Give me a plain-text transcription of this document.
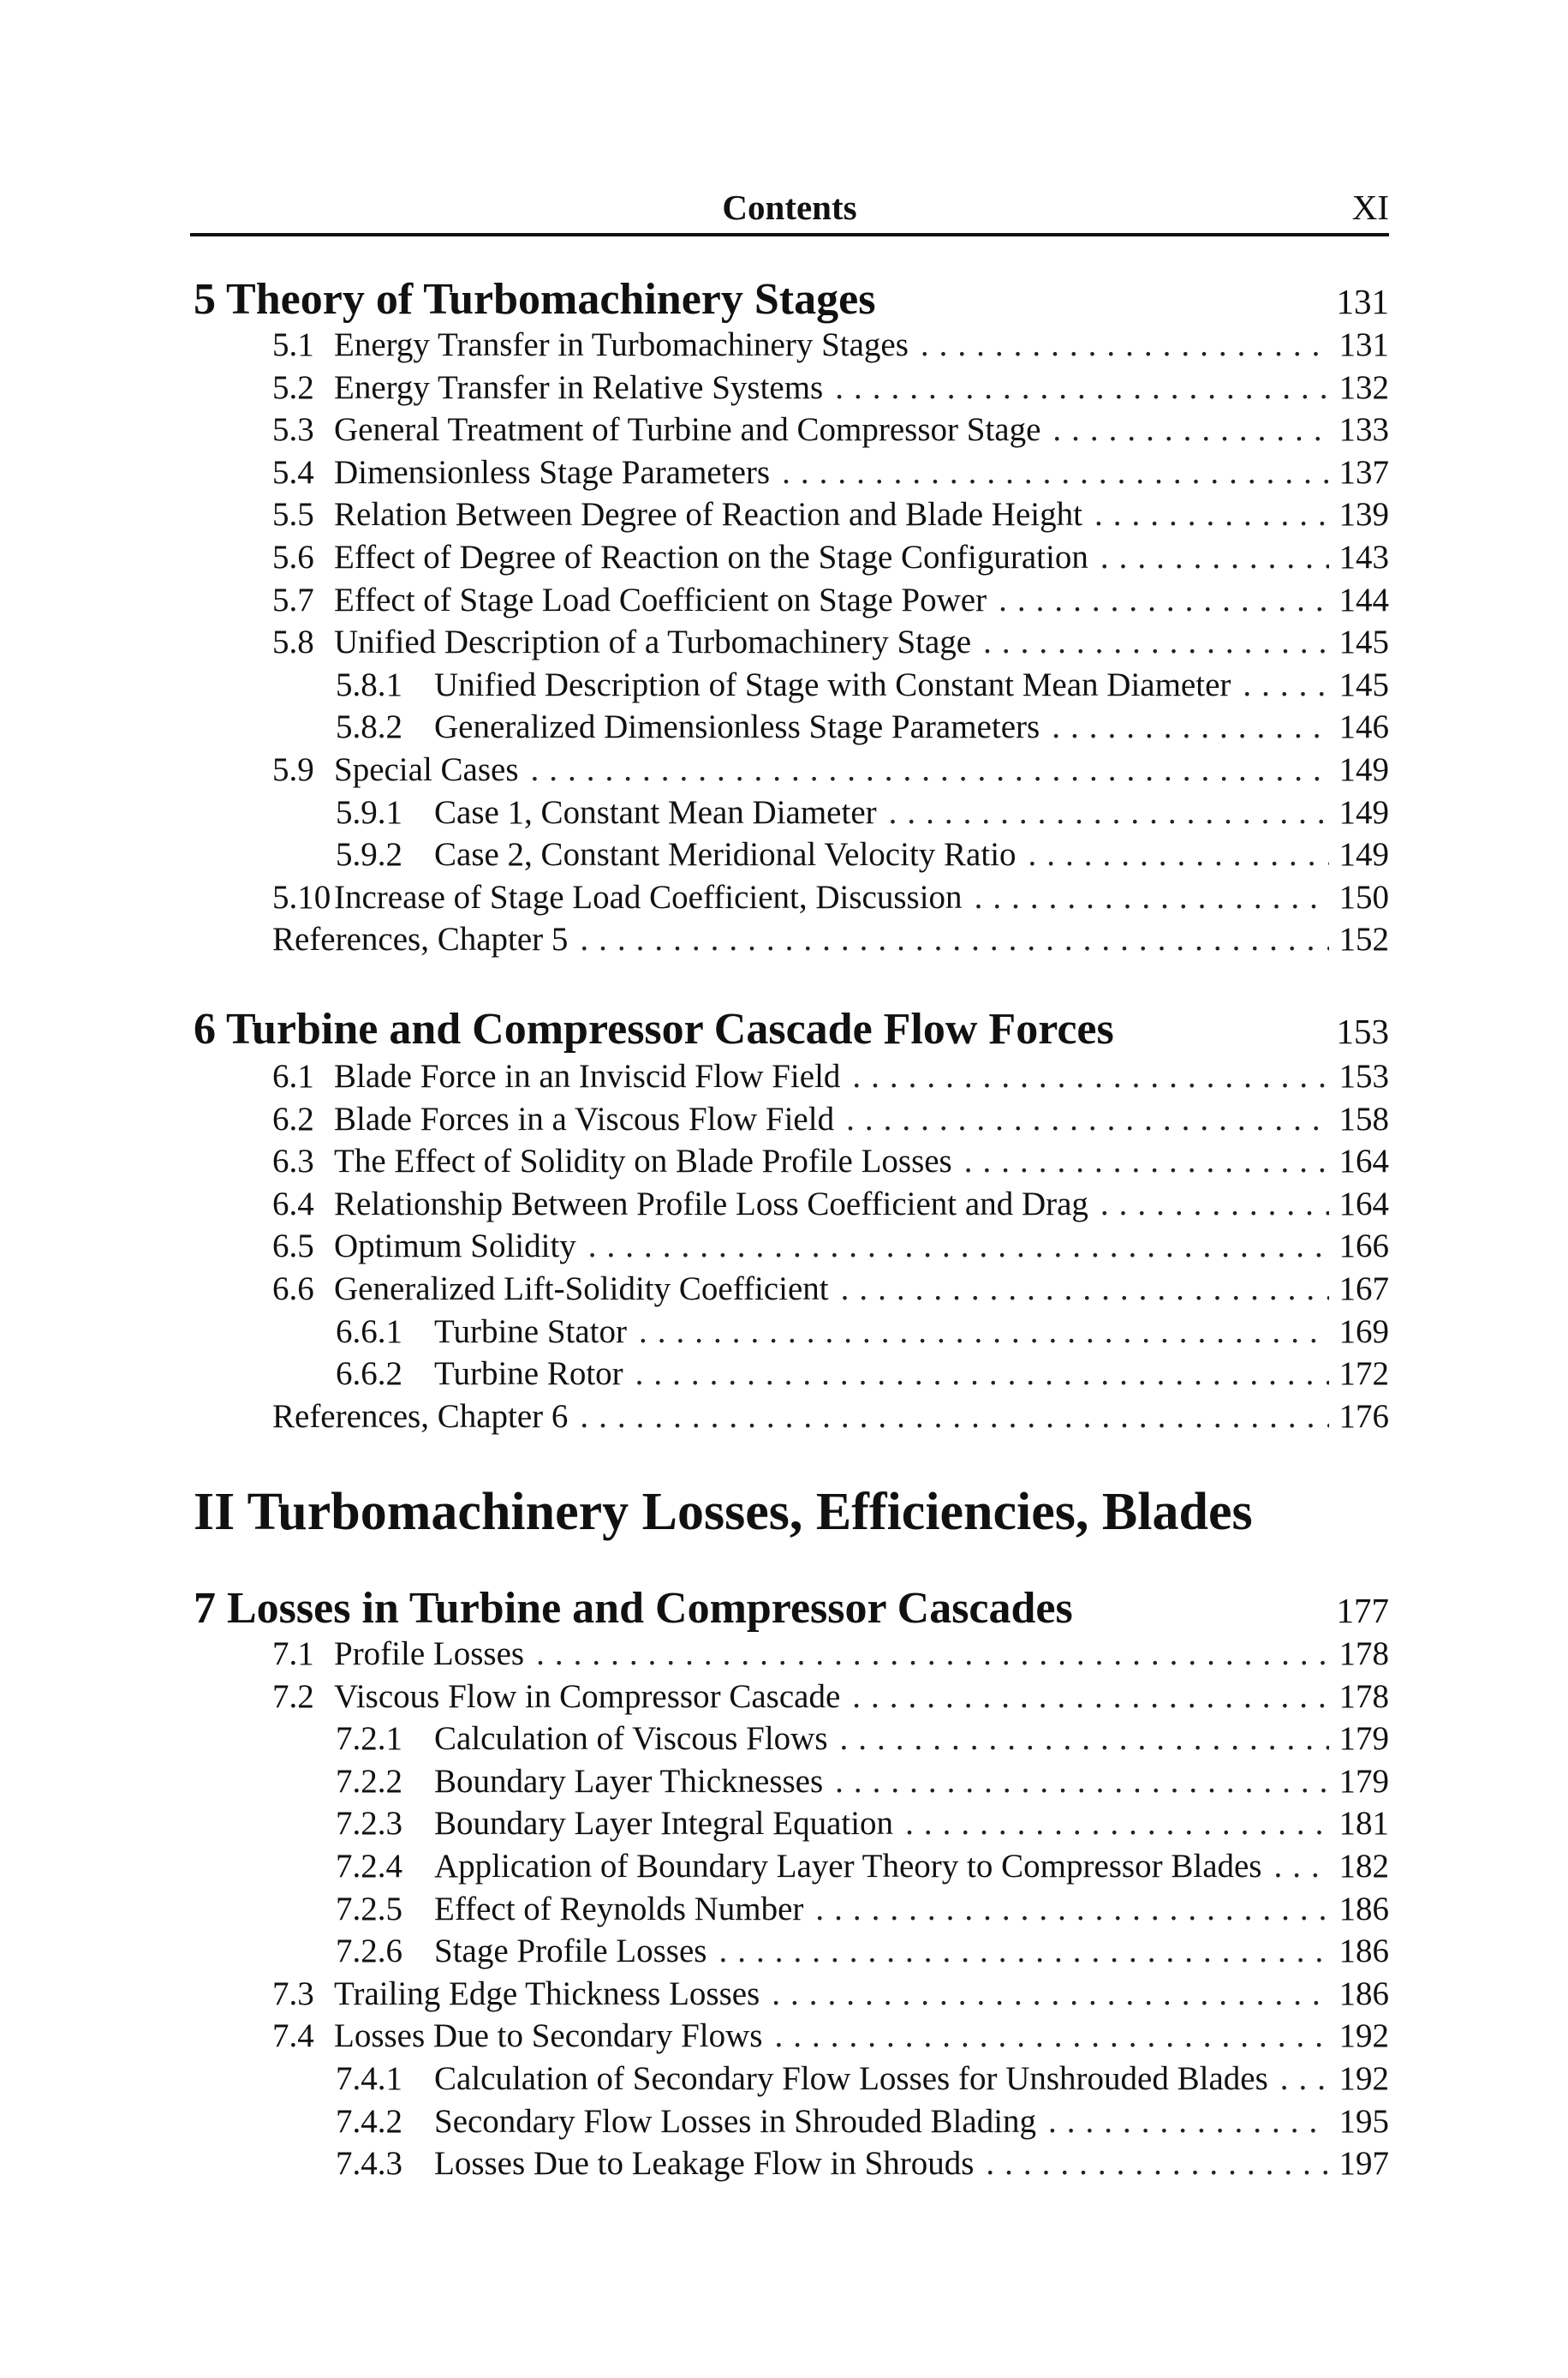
Contents	XI
5 Theory of Turbomachinery Stages	131
5.1 Energy Transfer in Turbomachinery Stages .....	131
5.2 Energy Transfer in Relative Systems .....	132
5.3 General Treatment of Turbine and Compressor Stage .....	133
5.4 Dimensionless Stage Parameters .....	137
5.5 Relation Between Degree of Reaction and Blade Height .....	139
5.6 Effect of Degree of Reaction on the Stage Configuration .....	143
5.7 Effect of Stage Load Coefficient on Stage Power .....	144
5.8 Unified Description of a Turbomachinery Stage .....	145
5.8.1 Unified Description of Stage with Constant Mean Diameter .....	145
5.8.2 Generalized Dimensionless Stage Parameters .....	146
5.9 Special Cases .....	149
5.9.1 Case 1, Constant Mean Diameter .....	149
5.9.2 Case 2, Constant Meridional Velocity Ratio .....	149
5.10 Increase of Stage Load Coefficient, Discussion .....	150
References, Chapter 5 .....	152
6 Turbine and Compressor Cascade Flow Forces	153
6.1 Blade Force in an Inviscid Flow Field .....	153
6.2 Blade Forces in a Viscous Flow Field .....	158
6.3 The Effect of Solidity on Blade Profile Losses .....	164
6.4 Relationship Between Profile Loss Coefficient and Drag .....	164
6.5 Optimum Solidity .....	166
6.6 Generalized Lift-Solidity Coefficient .....	167
6.6.1 Turbine Stator .....	169
6.6.2 Turbine Rotor .....	172
References, Chapter 6 .....	176
II Turbomachinery Losses, Efficiencies, Blades
7 Losses in Turbine and Compressor Cascades	177
7.1 Profile Losses .....	178
7.2 Viscous Flow in Compressor Cascade .....	178
7.2.1 Calculation of Viscous Flows .....	179
7.2.2 Boundary Layer Thicknesses .....	179
7.2.3 Boundary Layer Integral Equation .....	181
7.2.4 Application of Boundary Layer Theory to Compressor Blades .....	182
7.2.5 Effect of Reynolds Number .....	186
7.2.6 Stage Profile Losses .....	186
7.3 Trailing Edge Thickness Losses .....	186
7.4 Losses Due to Secondary Flows .....	192
7.4.1 Calculation of Secondary Flow Losses for Unshrouded Blades .....	192
7.4.2 Secondary Flow Losses in Shrouded Blading .....	195
7.4.3 Losses Due to Leakage Flow in Shrouds .....	197
